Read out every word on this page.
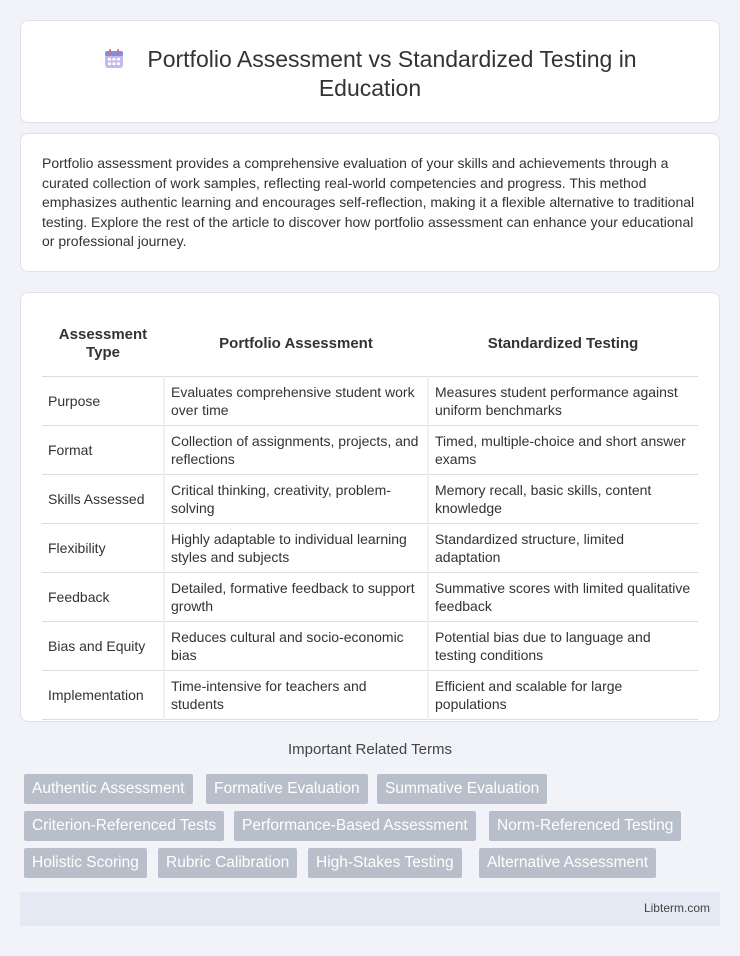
Portfolio Assessment vs Standardized Testing in
Education

Portfolio assessment provides a comprehensive evaluation of your skills and achievements through a curated collection of work samples, reflecting real-world competencies and progress. This method emphasizes authentic learning and encourages self-reflection, making it a flexible alternative to traditional testing. Explore the rest of the article to discover how portfolio assessment can enhance your educational or professional journey.

Assessment Type	Portfolio Assessment	Standardized Testing
Purpose	Evaluates comprehensive student work over time	Measures student performance against uniform benchmarks
Format	Collection of assignments, projects, and reflections	Timed, multiple-choice and short answer exams
Skills Assessed	Critical thinking, creativity, problem-solving	Memory recall, basic skills, content knowledge
Flexibility	Highly adaptable to individual learning styles and subjects	Standardized structure, limited adaptation
Feedback	Detailed, formative feedback to support growth	Summative scores with limited qualitative feedback
Bias and Equity	Reduces cultural and socio-economic bias	Potential bias due to language and testing conditions
Implementation	Time-intensive for teachers and students	Efficient and scalable for large populations
Important Related Terms
Authentic Assessment	Formative Evaluation	Summative Evaluation
Criterion-Referenced Tests	Performance-Based Assessment	Norm-Referenced Testing
Holistic Scoring	Rubric Calibration	High-Stakes Testing	Alternative Assessment
Libterm.com
